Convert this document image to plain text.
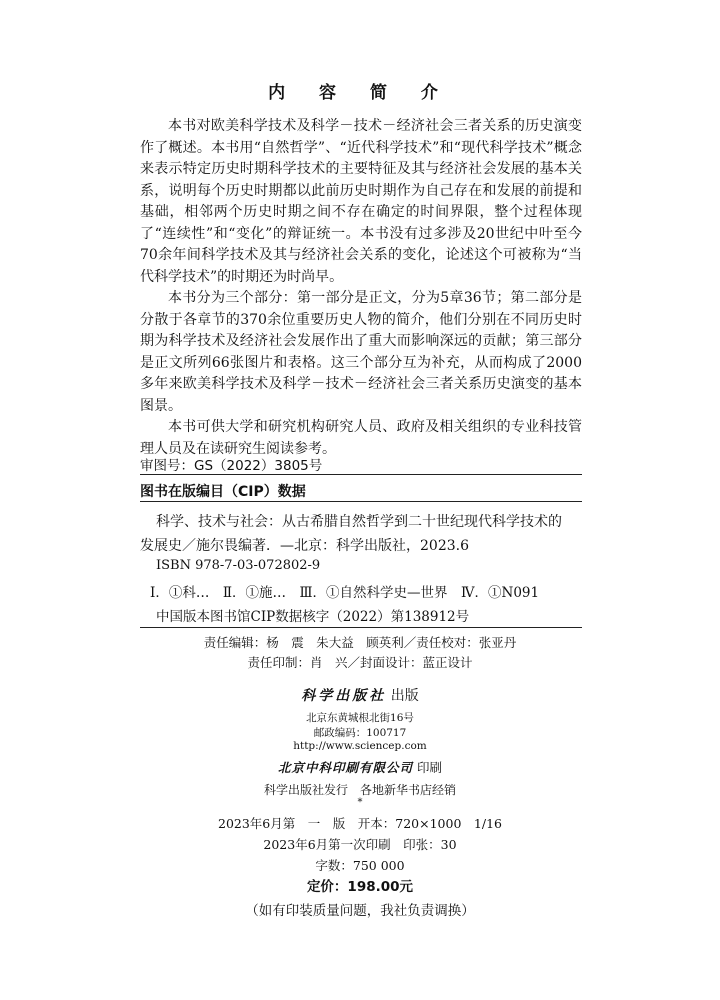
内 容 简 介

本书对欧美科学技术及科学－技术－经济社会三者关系的历史演变作了概述。本书用“自然哲学”、“近代科学技术”和“现代科学技术”概念来表示特定历史时期科学技术的主要特征及其与经济社会发展的基本关系，说明每个历史时期都以此前历史时期作为自己存在和发展的前提和基础，相邻两个历史时期之间不存在确定的时间界限，整个过程体现了“连续性”和“变化”的辩证统一。本书没有过多涉及20世纪中叶至今70余年间科学技术及其与经济社会关系的变化，论述这个可被称为“当代科学技术”的时期还为时尚早。

本书分为三个部分：第一部分是正文，分为5章36节；第二部分是分散于各章节的370余位重要历史人物的简介，他们分别在不同历史时期为科学技术及经济社会发展作出了重大而影响深远的贡献；第三部分是正文所列66张图片和表格。这三个部分互为补充，从而构成了2000多年来欧美科学技术及科学－技术－经济社会三者关系历史演变的基本图景。

本书可供大学和研究机构研究人员、政府及相关组织的专业科技管理人员及在读研究生阅读参考。

审图号：GS（2022）3805号
图书在版编目（CIP）数据
科学、技术与社会：从古希腊自然哲学到二十世纪现代科学技术的
发展史／施尔畏编著．—北京：科学出版社，2023.6
ISBN 978-7-03-072802-9
Ⅰ．①科…　Ⅱ．①施…　Ⅲ．①自然科学史—世界　Ⅳ．①N091
中国版本图书馆CIP数据核字（2022）第138912号
责任编辑：杨　震　朱大益　顾英利／责任校对：张亚丹
责任印制：肖　兴／封面设计：蓝正设计
科学出版社 出版
北京东黄城根北街16号
邮政编码：100717
http://www.sciencep.com
北京中科印刷有限公司 印刷
科学出版社发行　各地新华书店经销
*
2023年6月第　一　版　开本：720×1000　1/16
2023年6月第一次印刷　印张：30
字数：750 000
定价：198.00元
（如有印装质量问题，我社负责调换）
